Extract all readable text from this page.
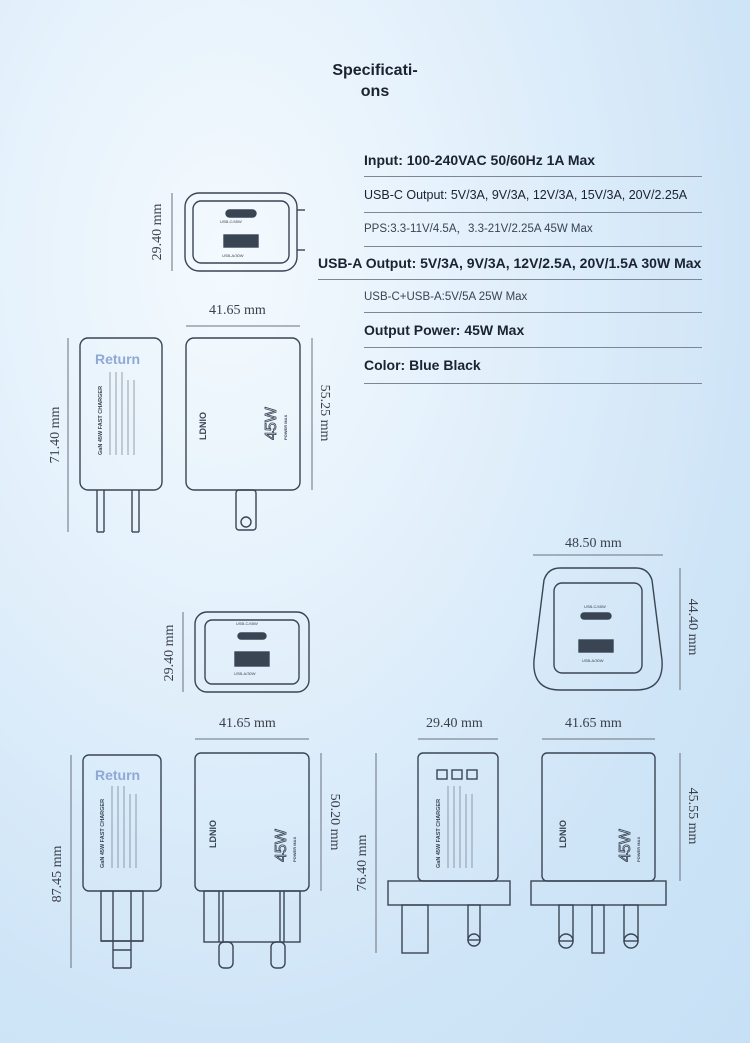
Specificati-
ons
Input: 100-240VAC 50/60Hz 1A Max
USB-C Output: 5V/3A, 9V/3A, 12V/3A, 15V/3A, 20V/2.25A
PPS:3.3-11V/4.5A，3.3-21V/2.25A 45W Max
USB-A Output: 5V/3A, 9V/3A, 12V/2.5A, 20V/1.5A 30W Max
USB-C+USB-A:5V/5A 25W Max
Output Power: 45W Max
Color: Blue Black
USB-C/45W
USB-A/30W
USB-C/45W
USB-A/30W
USB-C/45W
USB-A/30W
LDNIO	45W POWER MAX
LDNIO	45W POWER MAX
LDNIO	45W POWER MAX
GaN 45W FAST CHARGER
GaN 45W FAST CHARGER	GaN 45W FAST CHARGER
Return
Return
29.40 mm
41.65 mm
71.40 mm	55.25 mm
48.50 mm
44.40 mm
29.40 mm
41.65 mm
87.45 mm
50.20 mm
29.40 mm	41.65 mm
76.40 mm
45.55 mm
